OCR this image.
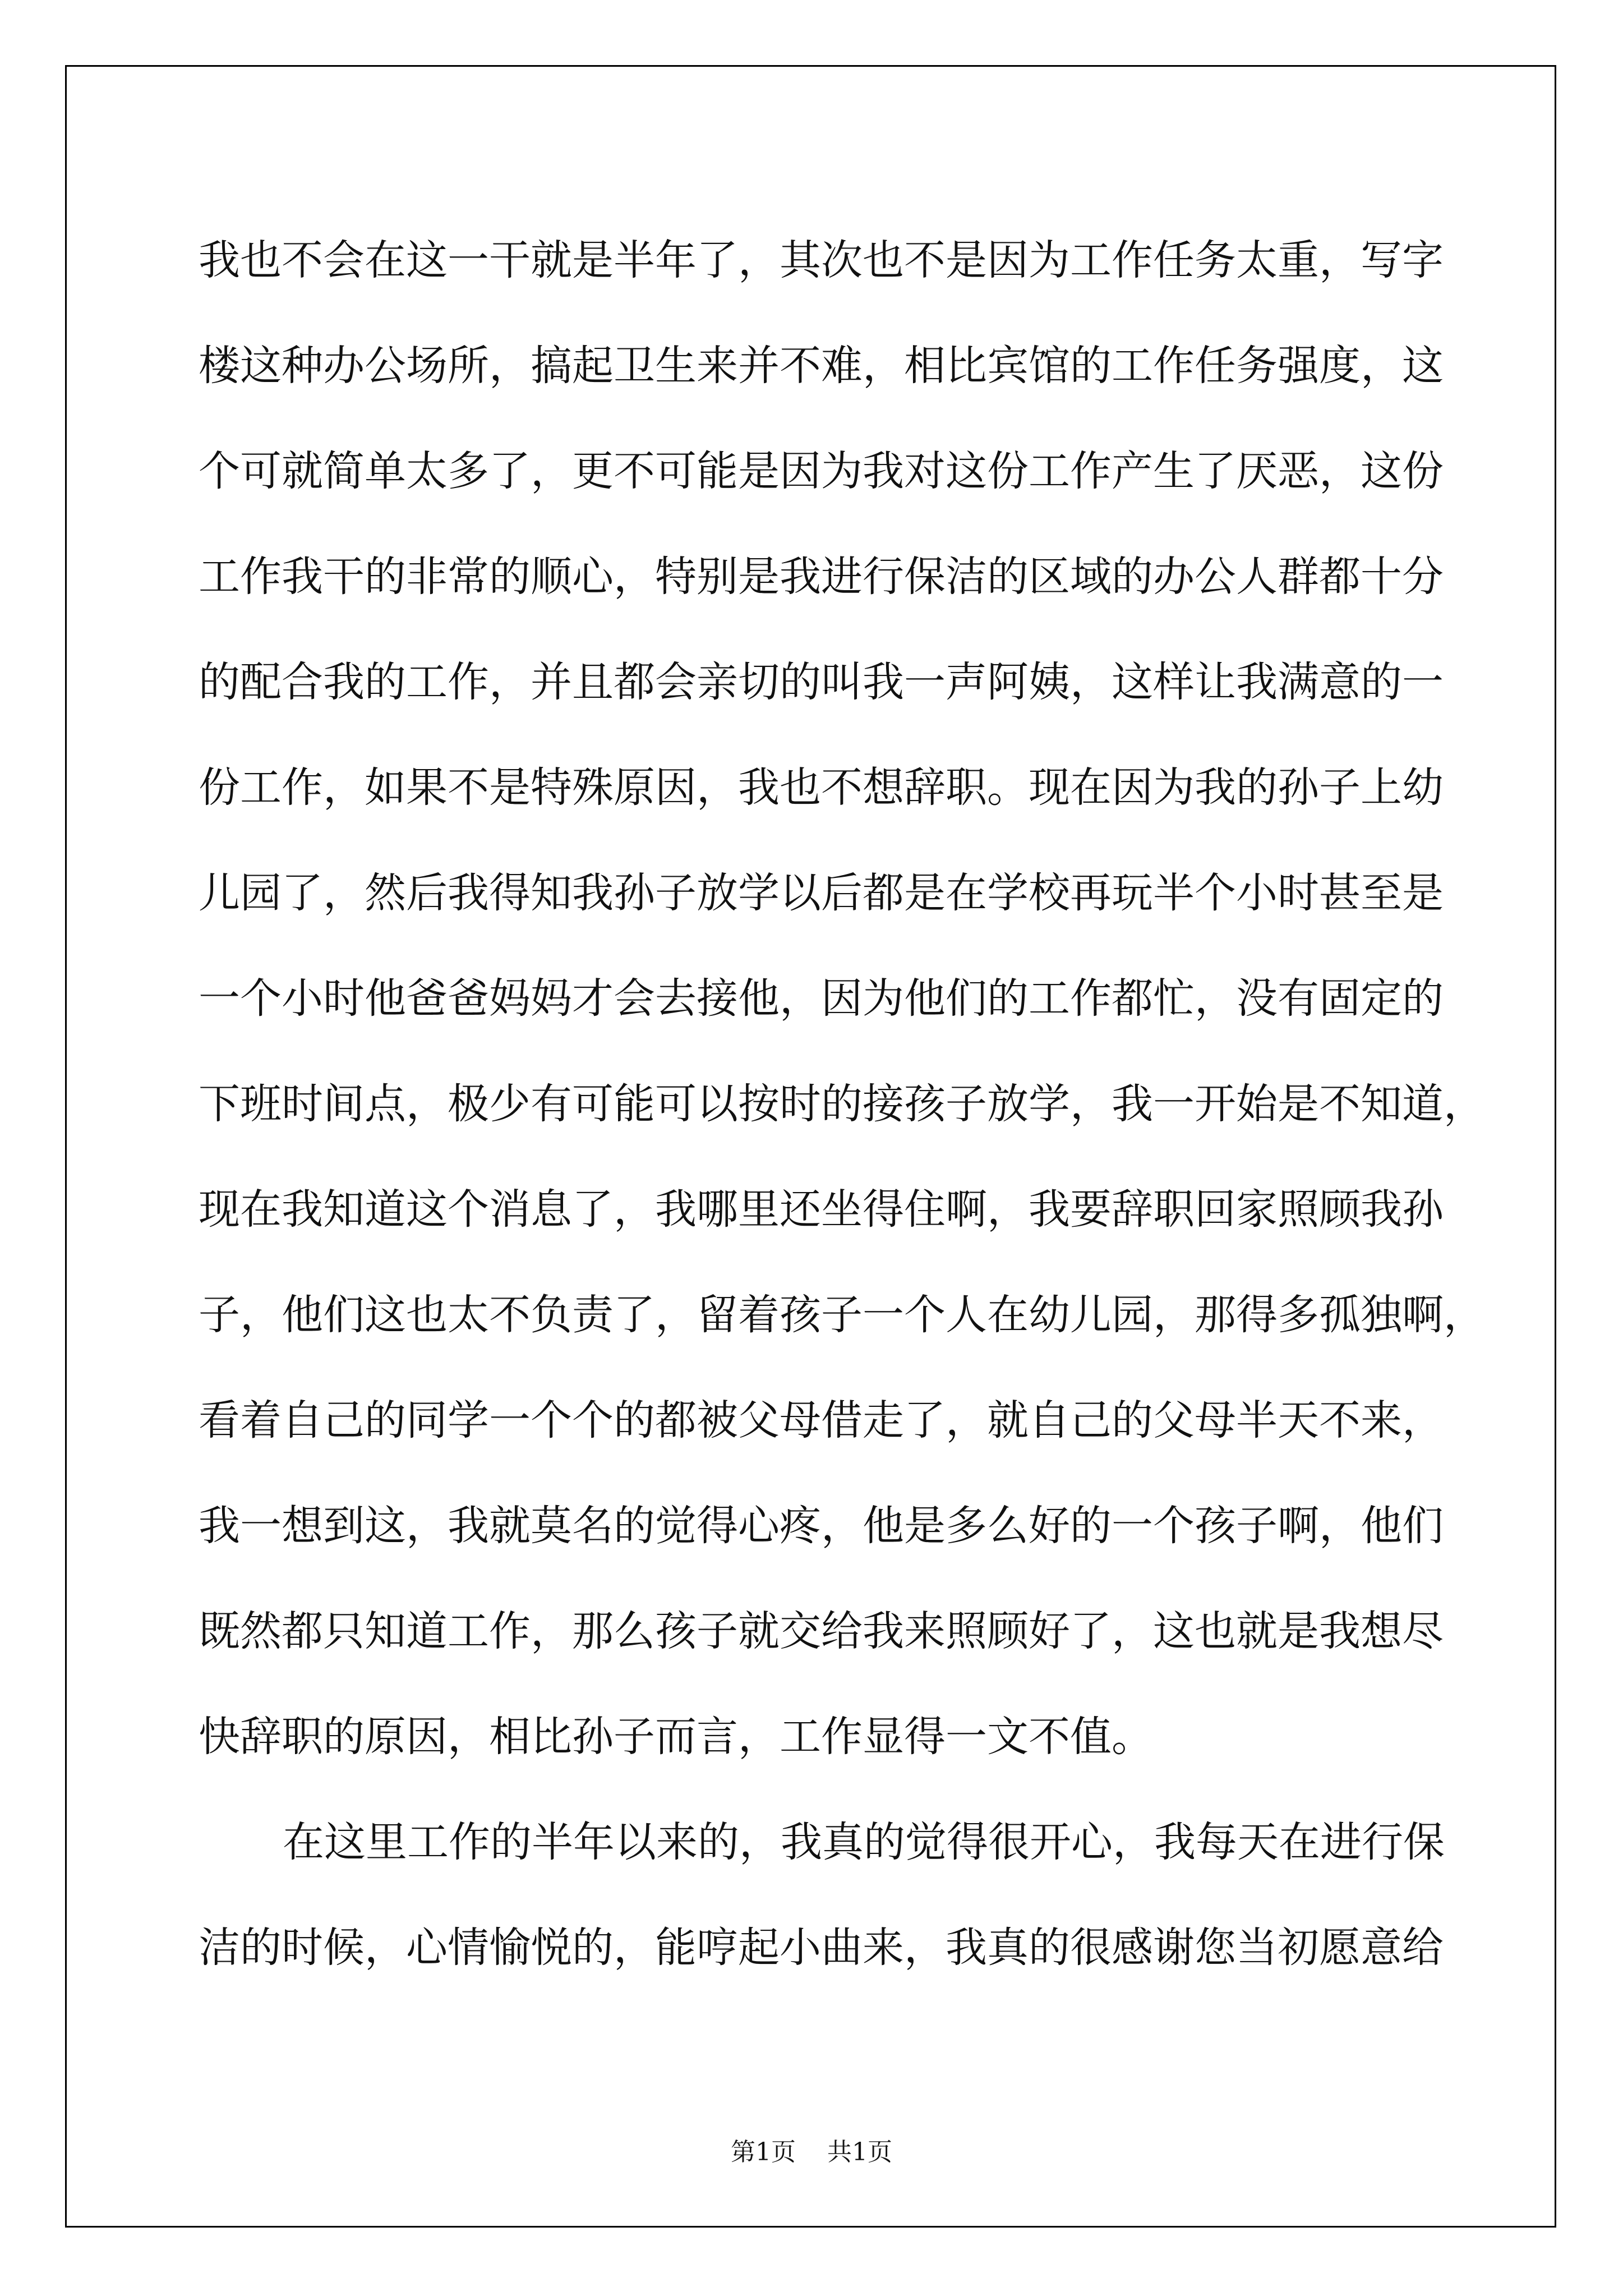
我也不会在这一干就是半年了，其次也不是因为工作任务太重，写字
楼这种办公场所，搞起卫生来并不难，相比宾馆的工作任务强度，这
个可就简单太多了，更不可能是因为我对这份工作产生了厌恶，这份
工作我干的非常的顺心，特别是我进行保洁的区域的办公人群都十分
的配合我的工作，并且都会亲切的叫我一声阿姨，这样让我满意的一
份工作，如果不是特殊原因，我也不想辞职。现在因为我的孙子上幼
儿园了，然后我得知我孙子放学以后都是在学校再玩半个小时甚至是
一个小时他爸爸妈妈才会去接他，因为他们的工作都忙，没有固定的
下班时间点，极少有可能可以按时的接孩子放学，我一开始是不知道，
现在我知道这个消息了，我哪里还坐得住啊，我要辞职回家照顾我孙
子，他们这也太不负责了，留着孩子一个人在幼儿园，那得多孤独啊，
看着自己的同学一个个的都被父母借走了，就自己的父母半天不来，
我一想到这，我就莫名的觉得心疼，他是多么好的一个孩子啊，他们
既然都只知道工作，那么孩子就交给我来照顾好了，这也就是我想尽
快辞职的原因，相比孙子而言，工作显得一文不值。
在这里工作的半年以来的，我真的觉得很开心，我每天在进行保
洁的时候，心情愉悦的，能哼起小曲来，我真的很感谢您当初愿意给
第1页 共1页
